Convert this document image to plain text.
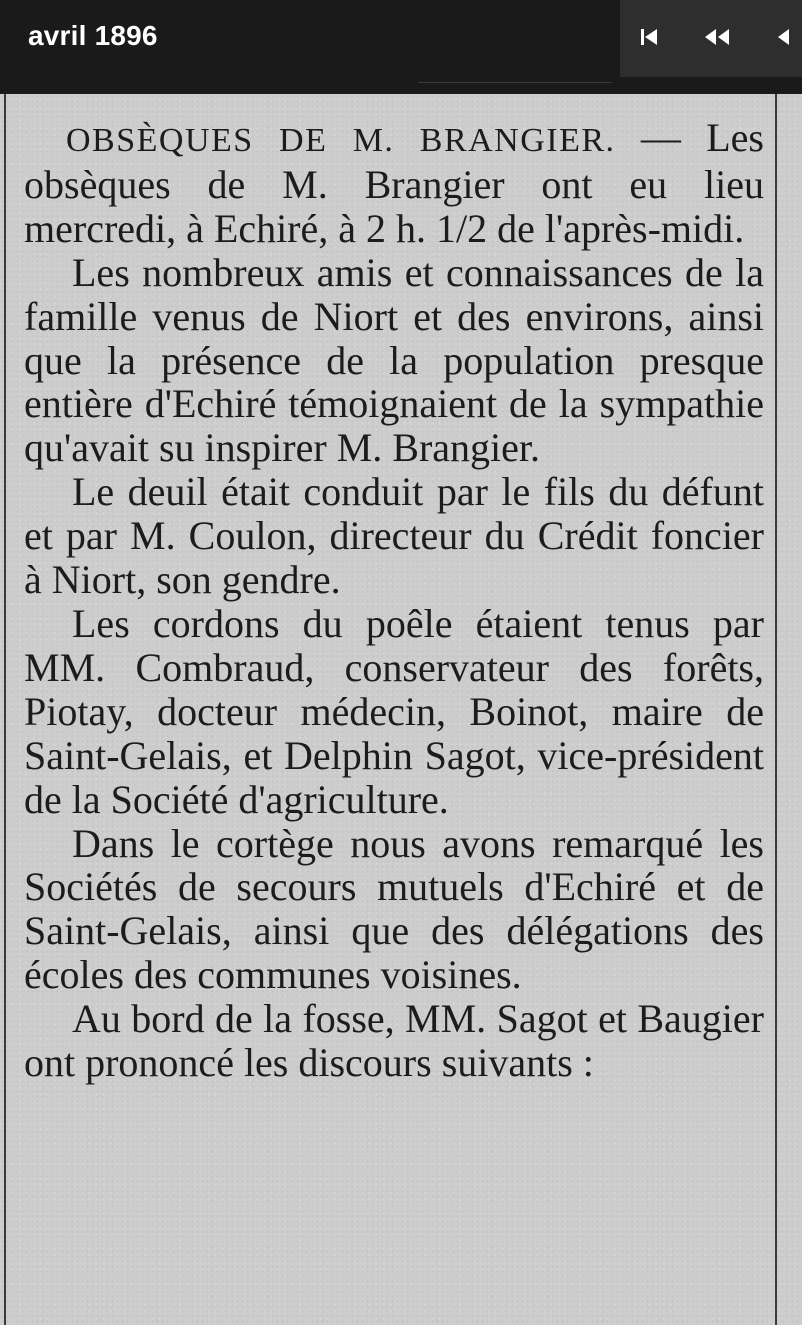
avril 1896

OBSÈQUES DE M. BRANGIER. — Les obsèques de M. Brangier ont eu lieu mercredi, à Echiré, à 2 h. 1/2 de l'après-midi.

Les nombreux amis et connaissances de la famille venus de Niort et des environs, ainsi que la présence de la population presque entière d'Echiré témoignaient de la sympathie qu'avait su inspirer M. Brangier.

Le deuil était conduit par le fils du défunt et par M. Coulon, directeur du Crédit foncier à Niort, son gendre.

Les cordons du poêle étaient tenus par MM. Combraud, conservateur des forêts, Piotay, docteur médecin, Boinot, maire de Saint-Gelais, et Delphin Sagot, vice-président de la Société d'agriculture.

Dans le cortège nous avons remarqué les Sociétés de secours mutuels d'Echiré et de Saint-Gelais, ainsi que des délégations des écoles des communes voisines.

Au bord de la fosse, MM. Sagot et Baugier ont prononcé les discours suivants :
